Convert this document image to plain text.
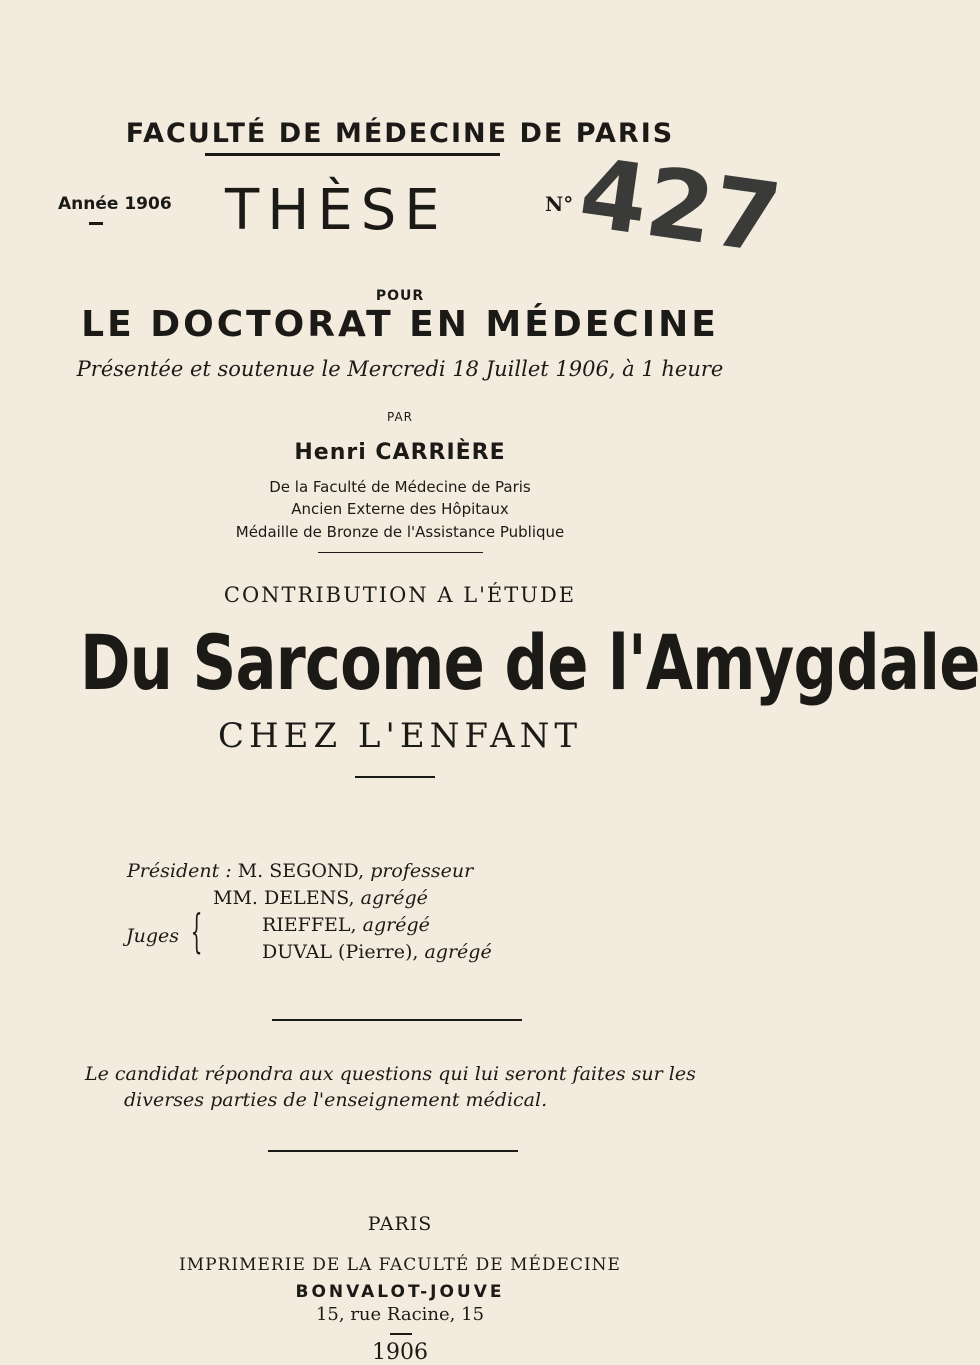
FACULTÉ DE MÉDECINE DE PARIS
Année 1906 THÈSE	N° 427
POUR
LE DOCTORAT EN MÉDECINE
Présentée et soutenue le Mercredi 18 Juillet 1906, à 1 heure
PAR
Henri CARRIÈRE
De la Faculté de Médecine de Paris
Ancien Externe des Hôpitaux
Médaille de Bronze de l'Assistance Publique
CONTRIBUTION A L'ÉTUDE
Du Sarcome de l'Amygdale
CHEZ L'ENFANT
Président : M. SEGOND, professeur
MM. DELENS, agrégé
RIEFFEL, agrégé
DUVAL (Pierre), agrégé
Juges {
Le candidat répondra aux questions qui lui seront faites sur les
diverses parties de l'enseignement médical.
PARIS
IMPRIMERIE DE LA FACULTÉ DE MÉDECINE
BONVALOT-JOUVE
15, rue Racine, 15
1906
